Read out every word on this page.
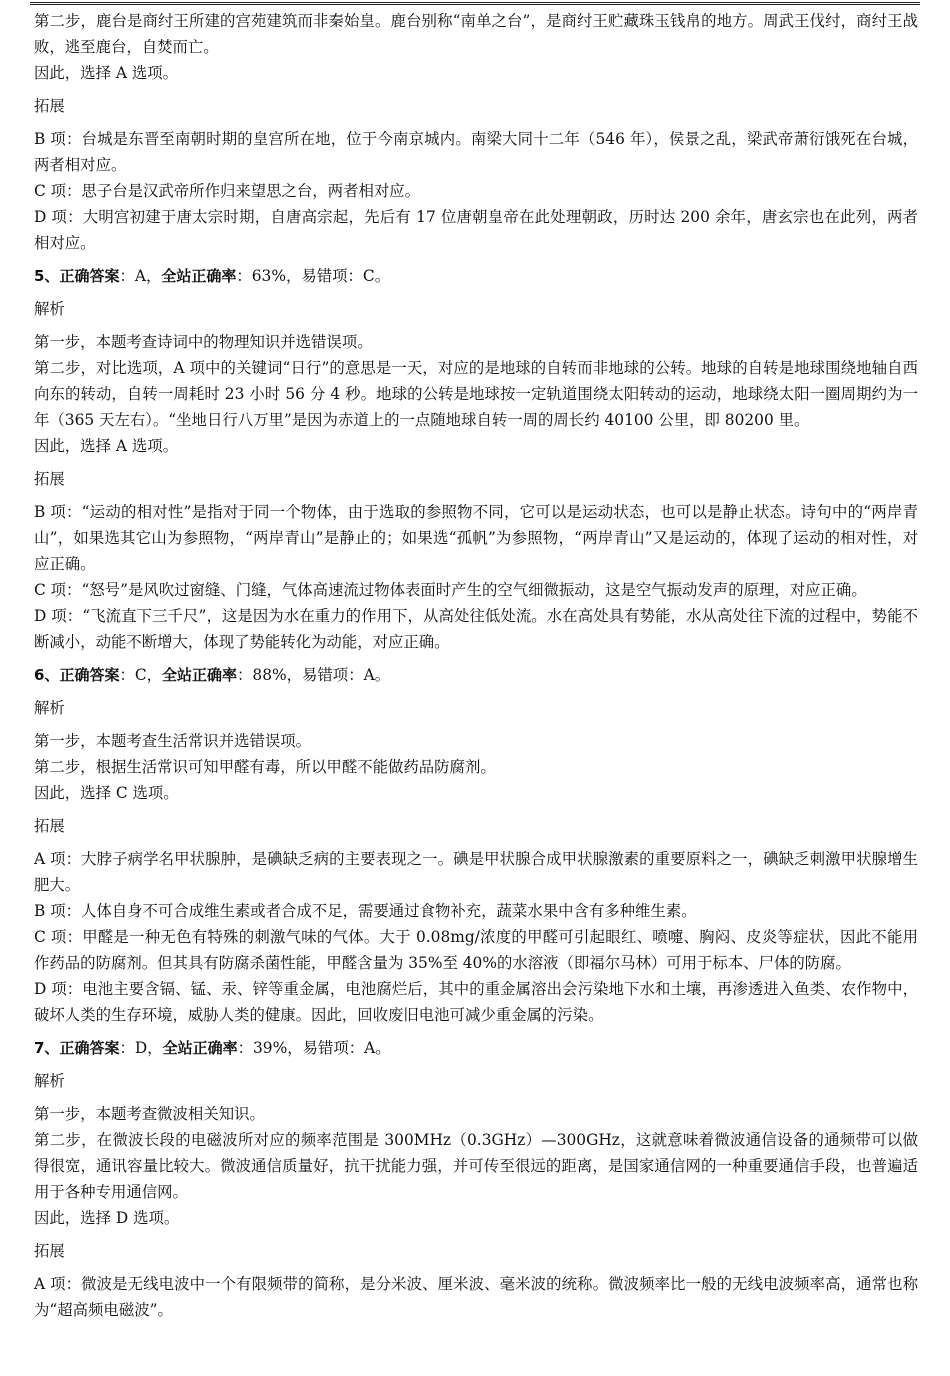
第二步，鹿台是商纣王所建的宫苑建筑而非秦始皇。鹿台别称“南单之台”，是商纣王贮藏珠玉钱帛的地方。周武王伐纣，商纣王战败，逃至鹿台，自焚而亡。

因此，选择 A 选项。

拓展

B 项：台城是东晋至南朝时期的皇宫所在地，位于今南京城内。南梁大同十二年（546 年），侯景之乱，梁武帝萧衍饿死在台城，两者相对应。

C 项：思子台是汉武帝所作归来望思之台，两者相对应。

D 项：大明宫初建于唐太宗时期，自唐高宗起，先后有 17 位唐朝皇帝在此处理朝政，历时达 200 余年，唐玄宗也在此列，两者相对应。

5、正确答案：A，全站正确率：63%，易错项：C。

解析

第一步，本题考查诗词中的物理知识并选错误项。

第二步，对比选项，A 项中的关键词“日行”的意思是一天，对应的是地球的自转而非地球的公转。地球的自转是地球围绕地轴自西向东的转动，自转一周耗时 23 小时 56 分 4 秒。地球的公转是地球按一定轨道围绕太阳转动的运动，地球绕太阳一圈周期约为一年（365 天左右）。“坐地日行八万里”是因为赤道上的一点随地球自转一周的周长约 40100 公里，即 80200 里。

因此，选择 A 选项。

拓展

B 项：“运动的相对性”是指对于同一个物体，由于选取的参照物不同，它可以是运动状态，也可以是静止状态。诗句中的“两岸青山”，如果选其它山为参照物，“两岸青山”是静止的；如果选“孤帆”为参照物，“两岸青山”又是运动的，体现了运动的相对性，对应正确。

C 项：“怒号”是风吹过窗缝、门缝，气体高速流过物体表面时产生的空气细微振动，这是空气振动发声的原理，对应正确。

D 项：“飞流直下三千尺”，这是因为水在重力的作用下，从高处往低处流。水在高处具有势能，水从高处往下流的过程中，势能不断减小，动能不断增大，体现了势能转化为动能，对应正确。

6、正确答案：C，全站正确率：88%，易错项：A。

解析

第一步，本题考查生活常识并选错误项。

第二步，根据生活常识可知甲醛有毒，所以甲醛不能做药品防腐剂。

因此，选择 C 选项。

拓展

A 项：大脖子病学名甲状腺肿，是碘缺乏病的主要表现之一。碘是甲状腺合成甲状腺激素的重要原料之一，碘缺乏刺激甲状腺增生肥大。

B 项：人体自身不可合成维生素或者合成不足，需要通过食物补充，蔬菜水果中含有多种维生素。

C 项：甲醛是一种无色有特殊的刺激气味的气体。大于 0.08mg/浓度的甲醛可引起眼红、喷嚏、胸闷、皮炎等症状，因此不能用作药品的防腐剂。但其具有防腐杀菌性能，甲醛含量为 35%至 40%的水溶液（即福尔马林）可用于标本、尸体的防腐。

D 项：电池主要含镉、锰、汞、锌等重金属，电池腐烂后，其中的重金属溶出会污染地下水和土壤，再渗透进入鱼类、农作物中，破坏人类的生存环境，威胁人类的健康。因此，回收废旧电池可减少重金属的污染。

7、正确答案：D，全站正确率：39%，易错项：A。

解析

第一步，本题考查微波相关知识。

第二步，在微波长段的电磁波所对应的频率范围是 300MHz（0.3GHz）—300GHz，这就意味着微波通信设备的通频带可以做得很宽，通讯容量比较大。微波通信质量好，抗干扰能力强，并可传至很远的距离，是国家通信网的一种重要通信手段，也普遍适用于各种专用通信网。

因此，选择 D 选项。

拓展

A 项：微波是无线电波中一个有限频带的简称，是分米波、厘米波、毫米波的统称。微波频率比一般的无线电波频率高，通常也称为“超高频电磁波”。
